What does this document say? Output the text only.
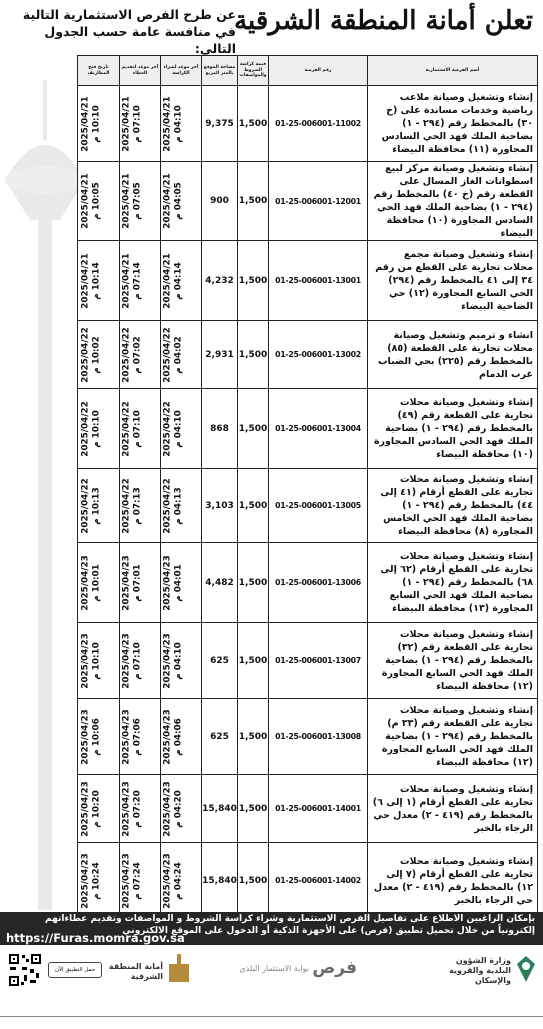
تعلن أمانة المنطقة الشرقية
عن طرح الفرص الاستثمارية التالية
في منافسة عامة حسب الجدول التالي:
أسم الفرصة الاستثمارية	رقم الفرصة	قيمة كراسة الشروط والمواصفات	مساحة الموقع بالمتر المربع	آخر موعد لشراء الكراسة	آخر موعد لتقديم العطاء	تاريخ فتح المظاريف
إنشاء وتشغيل وصيانة ملاعب رياضية وخدمات مساندة على (خ ٣٠) بالمخطط رقم (٢٩٤ - ١) بضاحية الملك فهد الحي السادس المجاورة (١١) محافظة البيضاء	01-25-006001-11002	1,500	9,375	2025/04/21 04:10 م	2025/04/21 07:10 م	2025/04/21 10:10 م

إنشاء وتشغيل وصيانة مركز لبيع اسطوانات الغاز المسال على القطعة رقم (خ ٤٠) بالمخطط رقم (٢٩٤ - ١) بضاحية الملك فهد الحي السادس المجاورة (١٠) محافظة البيضاء	01-25-006001-12001	1,500	900	2025/04/21 04:05 م	2025/04/21 07:05 م	2025/04/21 10:05 م

إنشاء وتشغيل وصيانة مجمع محلات تجارية على القطع من رقم ٣٤ إلى ٤١ بالمخطط رقم (٢٩٤) الحي السابع المجاورة (١٢) حي الضاحية البيضاء	01-25-006001-13001	1,500	4,232	2025/04/21 04:14 م	2025/04/21 07:14 م	2025/04/21 10:14 م

انشاء و ترميم وتشغيل وصيانة محلات تجارية على القطعة (٨٥) بالمخطط رقم (٢٢٥) بحي الضباب غرب الدمام	01-25-006001-13002	1,500	2,931	2025/04/22 04:02 م	2025/04/22 07:02 م	2025/04/22 10:02 م

إنشاء وتشغيل وصيانة محلات تجارية على القطعة رقم (٤٩) بالمخطط رقم (٢٩٤ - ١) بضاحية الملك فهد الحي السادس المجاورة (١٠) محافظة البيضاء	01-25-006001-13004	1,500	868	2025/04/22 04:10 م	2025/04/22 07:10 م	2025/04/22 10:10 م

إنشاء وتشغيل وصيانة محلات تجارية على القطع أرقام (٤١ إلى ٤٤) بالمخطط رقم (٢٩٤ - ١) بضاحية الملك فهد الحي الخامس المجاورة (٨) محافظة البيضاء	01-25-006001-13005	1,500	3,103	2025/04/22 04:13 م	2025/04/22 07:13 م	2025/04/22 10:13 م

إنشاء وتشغيل وصيانة محلات تجارية على القطع أرقام (٦٢ إلى ٦٨) بالمخطط رقم (٢٩٤ - ١) بضاحية الملك فهد الحي السابع المجاورة (١٣) محافظة البيضاء	01-25-006001-13006	1,500	4,482	2025/04/23 04:01 م	2025/04/23 07:01 م	2025/04/23 10:01 م

إنشاء وتشغيل وصيانة محلات تجارية على القطعة رقم (٣٢) بالمخطط رقم (٢٩٤ - ١) بضاحية الملك فهد الحي السابع المجاورة (١٢) محافظة البيضاء	01-25-006001-13007	1,500	625	2025/04/23 04:10 م	2025/04/23 07:10 م	2025/04/23 10:10 م

إنشاء وتشغيل وصيانة محلات تجارية على القطعة رقم (٣٣ م) بالمخطط رقم (٢٩٤ - ١) بضاحية الملك فهد الحي السابع المجاورة (١٢) محافظة البيضاء	01-25-006001-13008	1,500	625	2025/04/23 04:06 م	2025/04/23 07:06 م	2025/04/23 10:06 م

إنشاء وتشغيل وصيانة محلات تجارية على القطع أرقام (١ إلى ٦) بالمخطط رقم (٤١٩ - ٢) معدل حي الرجاء بالخبر	01-25-006001-14001	1,500	15,840	2025/04/23 04:20 م	2025/04/23 07:20 م	2025/04/23 10:20 م

إنشاء وتشغيل وصيانة محلات تجارية على القطع أرقام (٧ إلى ١٢) بالمخطط رقم (٤١٩ - ٢) معدل حي الرجاء بالخبر	01-25-006001-14002	1,500	15,840	2025/04/23 04:24 م	2025/04/23 07:24 م	2025/04/23 10:24 م
بإمكان الراغبين الاطلاع على تفاصيل الفرص الاستثمارية وشراء كراسة الشروط و المواصفات وتقديم عطاءاتهم إلكترونياً من خلال تحميل تطبيق (فرص) على الأجهزة الذكية أو الدخول على الموقع الالكتروني
https://Furas.momra.gov.sa
وزارة الشؤون البلدية والقروية والإسكان
فرص
بوابة الاستثمار البلدي
أمانة المنطقة الشرقية
حمل التطبيق الآن
